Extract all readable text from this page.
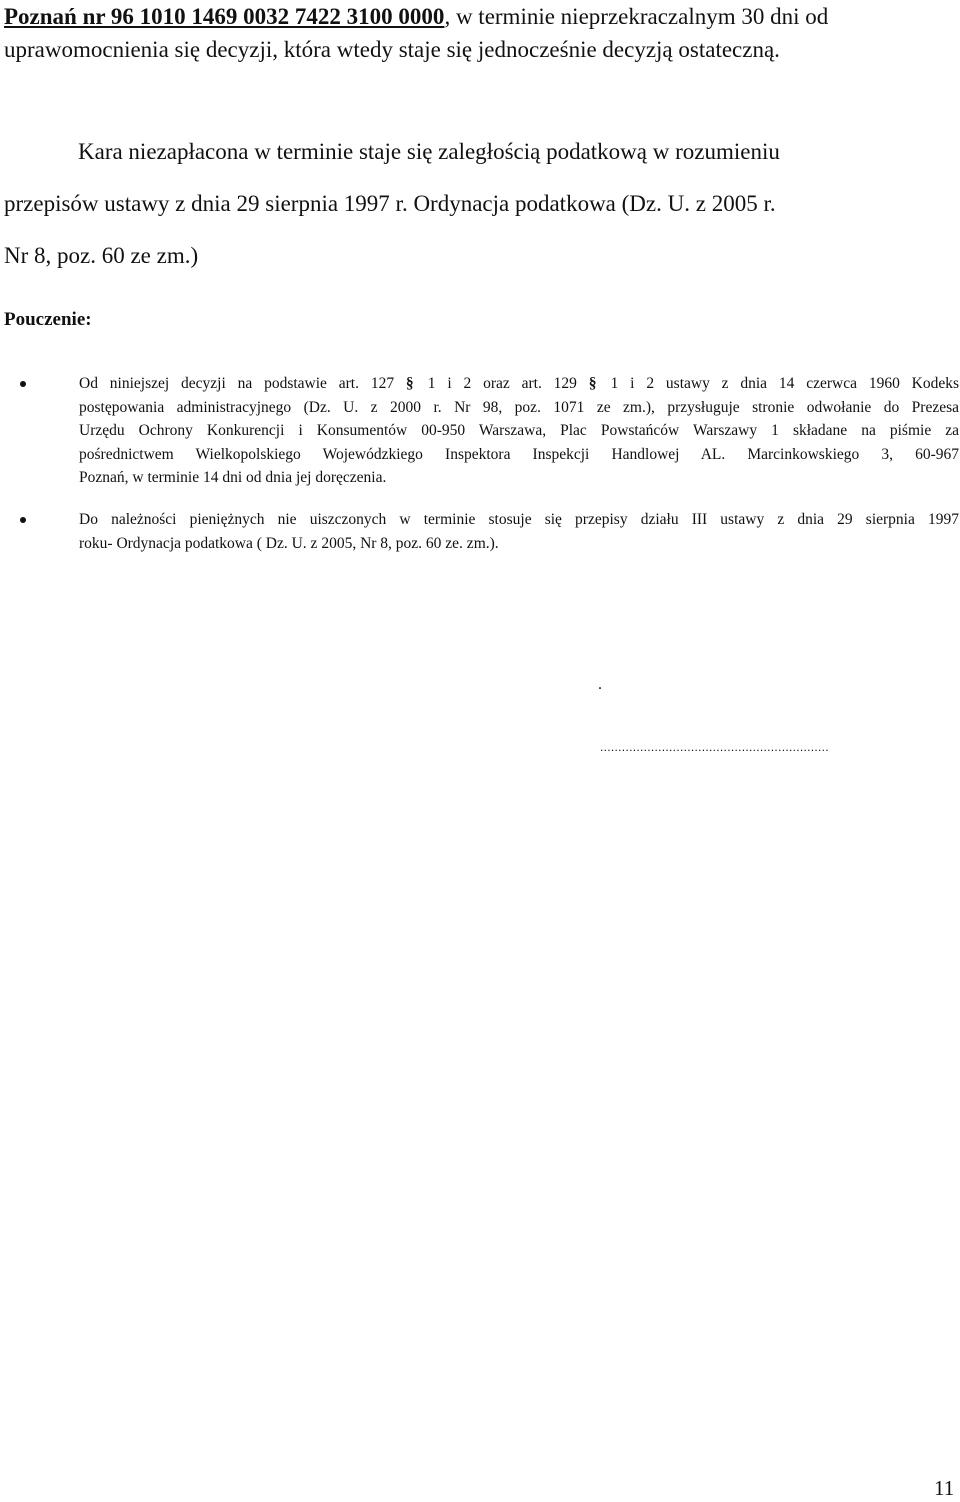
Poznań nr 96 1010 1469 0032 7422 3100 0000, w terminie nieprzekraczalnym 30 dni od
uprawomocnienia się decyzji, która wtedy staje się jednocześnie decyzją ostateczną.

Kara niezapłacona w terminie staje się zaległością podatkową w rozumieniu
przepisów ustawy z dnia 29 sierpnia 1997 r. Ordynacja podatkowa (Dz. U. z 2005 r.
Nr 8, poz. 60 ze zm.)

Pouczenie:

Od niniejszej decyzji na podstawie art. 127 § 1 i 2 oraz art. 129 § 1 i 2 ustawy z dnia 14 czerwca 1960 Kodeks
postępowania administracyjnego (Dz. U. z 2000 r. Nr 98, poz. 1071 ze zm.), przysługuje stronie odwołanie do Prezesa
Urzędu Ochrony Konkurencji i Konsumentów 00-950 Warszawa, Plac Powstańców Warszawy 1 składane na piśmie za
pośrednictwem Wielkopolskiego Wojewódzkiego Inspektora Inspekcji Handlowej AL. Marcinkowskiego 3, 60-967
Poznań, w terminie 14 dni od dnia jej doręczenia.

Do należności pieniężnych nie uiszczonych w terminie stosuje się przepisy działu III ustawy z dnia 29 sierpnia 1997
roku- Ordynacja podatkowa ( Dz. U. z 2005, Nr 8, poz. 60 ze. zm.).

.
...............................................................
11
